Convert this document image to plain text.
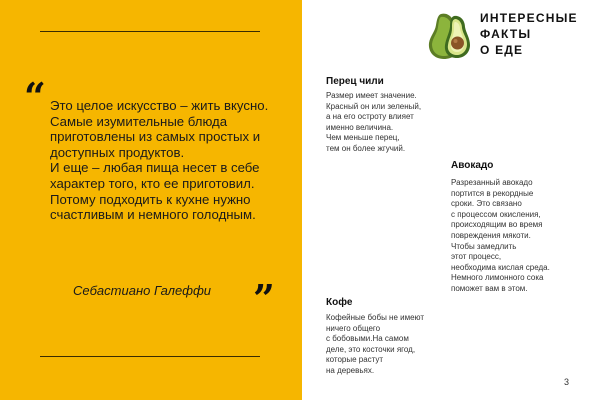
“ Это целое искусство – жить вкусно. Самые изумительные блюда приготовлены из самых простых и доступных продуктов.
И еще – любая пища несет в себе характер того, кто ее приготовил.
Потому подходить к кухне нужно счастливым и немного голодным.
Себастиано Галеффи ”
ИНТЕРЕСНЫЕ
ФАКТЫ
О ЕДЕ
Перец чили
Размер имеет значение.
Красный он или зеленый,
а на его остроту влияет
именно величина.
Чем меньше перец,
тем он более жгучий.
Авокадо
Разрезанный авокадо
портится в рекордные
сроки. Это связано
с процессом окисления,
происходящим во время
повреждения мякоти.
Чтобы замедлить
этот процесс,
необходима кислая среда.
Немного лимонного сока
поможет вам в этом.
Кофе
Кофейные бобы не имеют
ничего общего
с бобовыми.На самом
деле, это косточки ягод,
которые растут
на деревьях.
3
